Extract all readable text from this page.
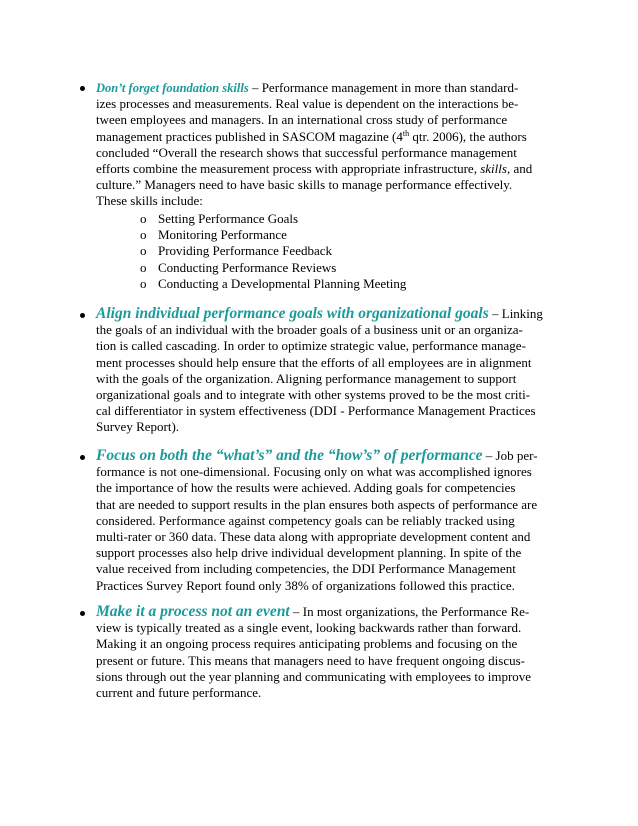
Don’t forget foundation skills – Performance management in more than standard-
izes processes and measurements. Real value is dependent on the interactions be-
tween employees and managers. In an international cross study of performance
management practices published in SASCOM magazine (4th qtr. 2006), the authors
concluded “Overall the research shows that successful performance management
efforts combine the measurement process with appropriate infrastructure, skills, and
culture.” Managers need to have basic skills to manage performance effectively.
These skills include:
o Setting Performance Goals
o Monitoring Performance
o Providing Performance Feedback
o Conducting Performance Reviews
o Conducting a Developmental Planning Meeting
Align individual performance goals with organizational goals – Linking
the goals of an individual with the broader goals of a business unit or an organiza-
tion is called cascading. In order to optimize strategic value, performance manage-
ment processes should help ensure that the efforts of all employees are in alignment
with the goals of the organization. Aligning performance management to support
organizational goals and to integrate with other systems proved to be the most criti-
cal differentiator in system effectiveness (DDI - Performance Management Practices
Survey Report).
Focus on both the “what’s” and the “how’s” of performance – Job per-
formance is not one-dimensional. Focusing only on what was accomplished ignores
the importance of how the results were achieved. Adding goals for competencies
that are needed to support results in the plan ensures both aspects of performance are
considered. Performance against competency goals can be reliably tracked using
multi-rater or 360 data. These data along with appropriate development content and
support processes also help drive individual development planning. In spite of the
value received from including competencies, the DDI Performance Management
Practices Survey Report found only 38% of organizations followed this practice.
Make it a process not an event – In most organizations, the Performance Re-
view is typically treated as a single event, looking backwards rather than forward.
Making it an ongoing process requires anticipating problems and focusing on the
present or future. This means that managers need to have frequent ongoing discus-
sions through out the year planning and communicating with employees to improve
current and future performance.
